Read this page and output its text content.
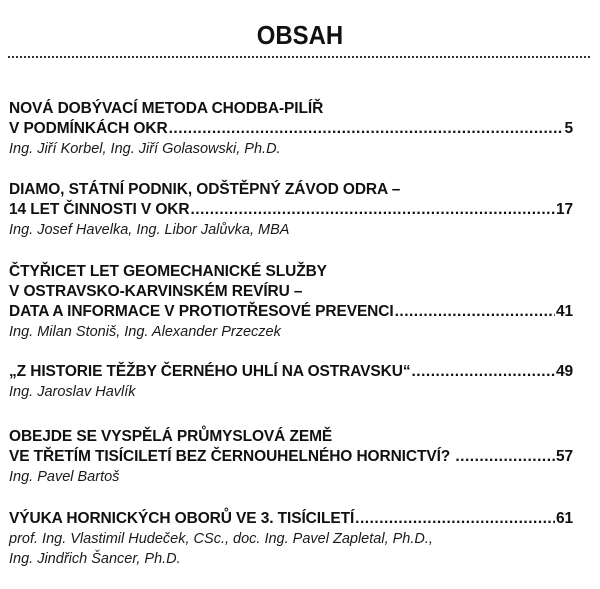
OBSAH
NOVÁ DOBÝVACÍ METODA CHODBA-PILÍŘ
V PODMÍNKÁCH OKR .....	5
Ing. Jiří Korbel, Ing. Jiří Golasowski, Ph.D.
DIAMO, STÁTNÍ PODNIK, ODŠTĚPNÝ ZÁVOD ODRA –
14 LET ČINNOSTI V OKR .....	17
Ing. Josef Havelka, Ing. Libor Jalůvka, MBA
ČTYŘICET LET GEOMECHANICKÉ SLUŽBY
V OSTRAVSKO-KARVINSKÉM REVÍRU –
DATA A INFORMACE V PROTIOTŘESOVÉ PREVENCI .....	41
Ing. Milan Stoniš, Ing. Alexander Przeczek
„Z HISTORIE TĚŽBY ČERNÉHO UHLÍ NA OSTRAVSKU“ .....	49
Ing. Jaroslav Havlík
OBEJDE SE VYSPĚLÁ PRŮMYSLOVÁ ZEMĚ
VE TŘETÍM TISÍCILETÍ BEZ ČERNOUHELNÉHO HORNICTVÍ? .....	57
Ing. Pavel Bartoš
VÝUKA HORNICKÝCH OBORŮ VE 3. TISÍCILETÍ .....	61
prof. Ing. Vlastimil Hudeček, CSc., doc. Ing. Pavel Zapletal, Ph.D.,
Ing. Jindřich Šancer, Ph.D.
